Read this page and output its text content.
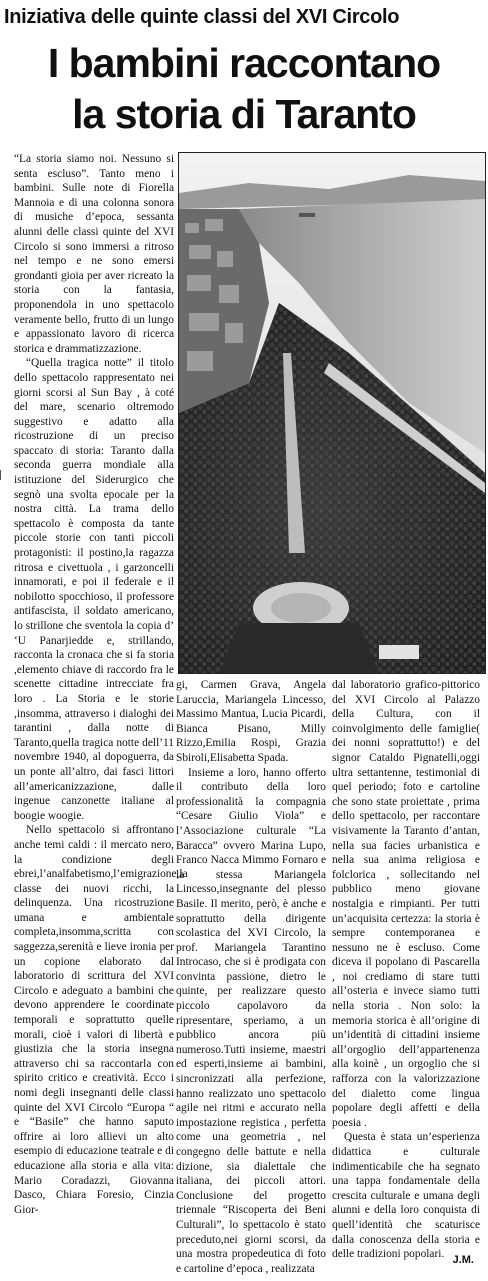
Iniziativa delle quinte classi del XVI Circolo
I bambini raccontano
la storia di Taranto

“La storia siamo noi. Nessuno si senta escluso”. Tanto meno i bambini. Sulle note di Fiorella Mannoia e di una colonna sonora di musiche d’epoca, sessanta alunni delle classi quinte del XVI Circolo si sono immersi a ritroso nel tempo e ne sono emersi grondanti gioia per aver ricreato la storia con la fantasia, proponendola in uno spettacolo veramente bello, frutto di un lungo e appassionato lavoro di ricerca storica e drammatizzazione.

“Quella tragica notte” il titolo dello spettacolo rappresentato nei giorni scorsi al Sun Bay , à coté del mare, scenario oltremodo suggestivo e adatto alla ricostruzione di un preciso spaccato di storia: Taranto dalla seconda guerra mondiale alla istituzione del Siderurgico che segnò una svolta epocale per la nostra città. La trama dello spettacolo è composta da tante piccole storie con tanti piccoli protagonisti: il postino,la ragazza ritrosa e civettuola , i garzoncelli innamorati, e poi il federale e il nobilotto spocchioso, il professore antifascista, il soldato americano, lo strillone che sventola la copia d’ ‘U Panarjiedde e, strillando, racconta la cronaca che si fa storia ,elemento chiave di raccordo fra le scenette cittadine intrecciate fra loro . La Storia e le storie ,insomma, attraverso i dialoghi dei tarantini , dalla notte di Taranto,quella tragica notte dell’11 novembre 1940, al dopoguerra, da un ponte all’altro, dai fasci littori all’americanizzazione, dalle ingenue canzonette italiane al boogie woogie.

Nello spettacolo si affrontano anche temi caldi : il mercato nero, la condizione degli ebrei,l’analfabetismo,l’emigrazione,la classe dei nuovi ricchi, la delinquenza. Una ricostruzione umana e ambientale completa,insomma,scritta con saggezza,serenità e lieve ironia per un copione elaborato dal laboratorio di scrittura del XVI Circolo e adeguato a bambini che devono apprendere le coordinate temporali e soprattutto quelle morali, cioè i valori di libertà e giustizia che la storia insegna attraverso chi sa raccontarla con spirito critico e creatività. Ecco i nomi degli insegnanti delle classi quinte del XVI Circolo “Europa “ e “Basile” che hanno saputo offrire ai loro allievi un alto esempio di educazione teatrale e di educazione alla storia e alla vita: Mario Coradazzi, Giovanna Dasco, Chiara Foresio, Cinzia Gior-

gi, Carmen Grava, Angela Laruccia, Mariangela Lincesso, Massimo Mantua, Lucia Picardi, Bianca Pisano, Milly Rizzo,Emilia Rospi, Grazia Sbiroli,Elisabetta Spada.

Insieme a loro, hanno offerto il contributo della loro professionalità la compagnia “Cesare Giulio Viola” e l’Associazione culturale “La Baracca” ovvero Marina Lupo, Franco Nacca Mimmo Fornaro e la stessa Mariangela Lincesso,insegnante del plesso Basile. Il merito, però, è anche e soprattutto della dirigente scolastica del XVI Circolo, la prof. Mariangela Tarantino Introcaso, che si è prodigata con convinta passione, dietro le quinte, per realizzare questo piccolo capolavoro da ripresentare, speriamo, a un pubblico ancora più numeroso.Tutti insieme, maestri ed esperti,insieme ai bambini, sincronizzati alla perfezione, hanno realizzato uno spettacolo agile nei ritmi e accurato nella impostazione registica , perfetta come una geometria , nel congegno delle battute e nella dizione, sia dialettale che italiana, dei piccoli attori. Conclusione del progetto triennale “Riscoperta dei Beni Culturali”, lo spettacolo è stato preceduto,nei giorni scorsi, da una mostra propedeutica di foto e cartoline d’epoca , realizzata

dal laboratorio grafico-pittorico del XVI Circolo al Palazzo della Cultura, con il coinvolgimento delle famiglie( dei nonni soprattutto!) e del signor Cataldo Pignatelli,oggi ultra settantenne, testimonial di quel periodo; foto e cartoline che sono state proiettate , prima dello spettacolo, per raccontare visivamente la Taranto d’antan, nella sua facies urbanistica e nella sua anima religiosa e folclorica , sollecitando nel pubblico meno giovane nostalgia e rimpianti. Per tutti un’acquisita certezza: la storia è sempre contemporanea e nessuno ne è escluso. Come diceva il popolano di Pascarella , noi crediamo di stare tutti all’osteria e invece siamo tutti nella storia . Non solo: la memoria storica è all’origine di un’identità di cittadini insieme all’orgoglio dell’appartenenza alla koinè , un orgoglio che si rafforza con la valorizzazione del dialetto come lingua popolare degli affetti e della poesia .

Questa è stata un’esperienza didattica e culturale indimenticabile che ha segnato una tappa fondamentale della crescita culturale e umana degli alunni e della loro conquista di quell’identità che scaturisce dalla conoscenza della storia e delle tradizioni popolari. J.M.
